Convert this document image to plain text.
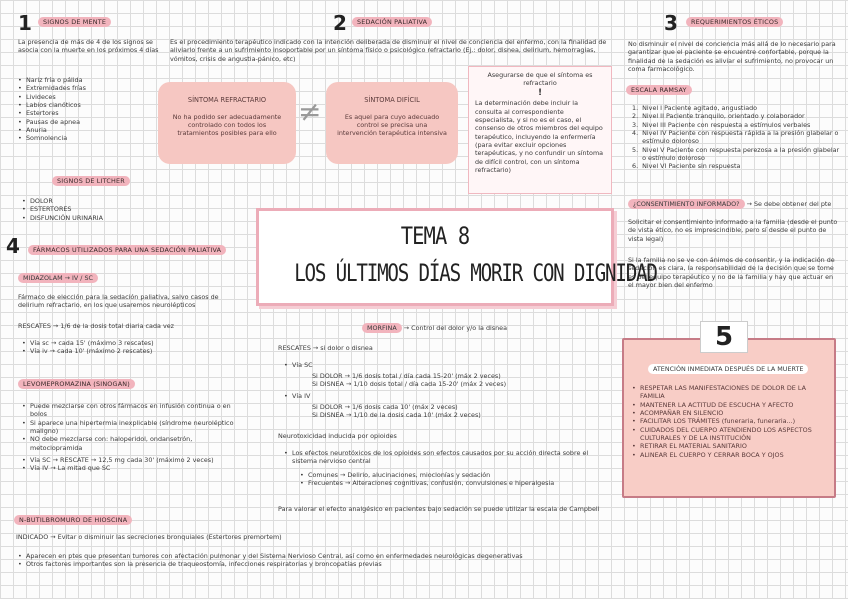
1	SIGNOS DE MENTE

La presencia de más de 4 de los signos se asocia con la muerte en los próximos 4 días

• Nariz fría o pálida
• Extremidades frías
• Livideces
• Labios cianóticos
• Estertores
• Pausas de apnea
• Anuria
• Somnolencia
SIGNOS DE LITCHER
• DOLOR
• ESTERTORES
• DISFUNCIÓN URINARIA
2	SEDACIÓN PALIATIVA

Es el procedimiento terapéutico indicado con la intención deliberada de disminuir el nivel de conciencia del enfermo, con la finalidad de aliviarlo frente a un sufrimiento insoportable por un síntoma físico o psicológico refractario (Ej.: dolor, disnea, delirium, hemorragias, vómitos, crisis de angustia-pánico, etc)

SÍNTOMA REFRACTARIO
No ha podido ser adecuadamente controlado con todos los tratamientos posibles para ello
≠	SÍNTOMA DIFÍCIL
Es aquel para cuyo adecuado control se precisa una intervención terapéutica intensiva
Asegurarse de que el síntoma es refractario
!
La determinación debe incluir la consulta al correspondiente especialista, y si no es el caso, el consenso de otros miembros del equipo terapéutico, incluyendo la enfermería (para evitar excluir opciones terapéuticas, y no confundir un síntoma de difícil control, con un síntoma refractario)
3	REQUERIMIENTOS ÉTICOS

No disminuir el nivel de conciencia más allá de lo necesario para garantizar que el paciente se encuentre confortable, porque la finalidad de la sedación es aliviar el sufrimiento, no provocar un coma farmacológico.

ESCALA RAMSAY
1. Nivel I Paciente agitado, angustiado
2. Nivel II Paciente tranquilo, orientado y colaborador
3. Nivel III Paciente con respuesta a estímulos verbales
4. Nivel IV Paciente con respuesta rápida a la presión glabelar o estímulo doloroso
5. Nivel V Paciente con respuesta perezosa a la presión glabelar o estímulo doloroso
6. Nivel VI Paciente sin respuesta
¿CONSENTIMIENTO INFORMADO? → Se debe obtener del pte

Solicitar el consentimiento informado a la familia (desde el punto de vista ético, no es imprescindible, pero sí desde el punto de vista legal)

Si la familia no se ve con ánimos de consentir, y la indicación de sedación es clara, la responsabilidad de la decisión que se tome es del equipo terapéutico y no de la familia y hay que actuar en el mayor bien del enfermo

TEMA 8
LOS ÚLTIMOS DÍAS MORIR CON DIGNIDAD
4	FÁRMACOS UTILIZADOS PARA UNA SEDACIÓN PALIATIVA
MIDAZOLAM → IV / SC

Fármaco de elección para la sedación paliativa, salvo casos de delirium refractario, en los que usaremos neurolépticos

RESCATES → 1/6 de la dosis total diaria cada vez

• Vía sc → cada 15' (máximo 3 rescates)
• Vía iv → cada 10' (máximo 2 rescates)
LEVOMEPROMAZINA (SINOGAN)
• Puede mezclarse con otros fármacos en infusión continua o en bolos
• Si aparece una hipertermia inexplicable (síndrome neuroléptico maligno)
• NO debe mezclarse con: haloperidol, ondansetrón, metoclopramida
• Vía SC → RESCATE → 12,5 mg cada 30' (máximo 2 veces)
• Vía IV → La mitad que SC
N-BUTILBROMURO DE HIOSCINA

INDICADO → Evitar o disminuir las secreciones bronquiales (Estertores premortem)

• Aparecen en ptes que presentan tumores con afectación pulmonar y del Sistema Nervioso Central, así como en enfermedades neurológicas degenerativas
• Otros factores importantes son la presencia de traqueostomía, infecciones respiratorias y broncopatías previas
MORFINA → Control del dolor y/o la disnea

RESCATES → si dolor o disnea

• Vía SC
Si DOLOR → 1/6 dosis total / día cada 15-20' (máx 2 veces)
Si DISNEA → 1/10 dosis total / día cada 15-20' (máx 2 veces)
• Vía IV
Si DOLOR → 1/6 dosis cada 10' (máx 2 veces)
Si DISNEA → 1/10 de la dosis cada 10' (máx 2 veces)

Neurotoxicidad inducida por opioides

• Los efectos neurotóxicos de los opioides son efectos causados por su acción directa sobre el sistema nervioso central
• Comunes → Delirio, alucinaciones, mioclonías y sedación
• Frecuentes → Alteraciones cognitivas, confusión, convulsiones e hiperalgesia

Para valorar el efecto analgésico en pacientes bajo sedación se puede utilizar la escala de Campbell

5
ATENCIÓN INMEDIATA DESPUÉS DE LA MUERTE
• RESPETAR LAS MANIFESTACIONES DE DOLOR DE LA FAMILIA
• MANTENER LA ACTITUD DE ESCUCHA Y AFECTO
• ACOMPAÑAR EN SILENCIO
• FACILITAR LOS TRÁMITES (funeraria, funeraria...)
• CUIDADOS DEL CUERPO ATENDIENDO LOS ASPECTOS CULTURALES Y DE LA INSTITUCIÓN
• RETIRAR EL MATERIAL SANITARIO
• ALINEAR EL CUERPO Y CERRAR BOCA Y OJOS
